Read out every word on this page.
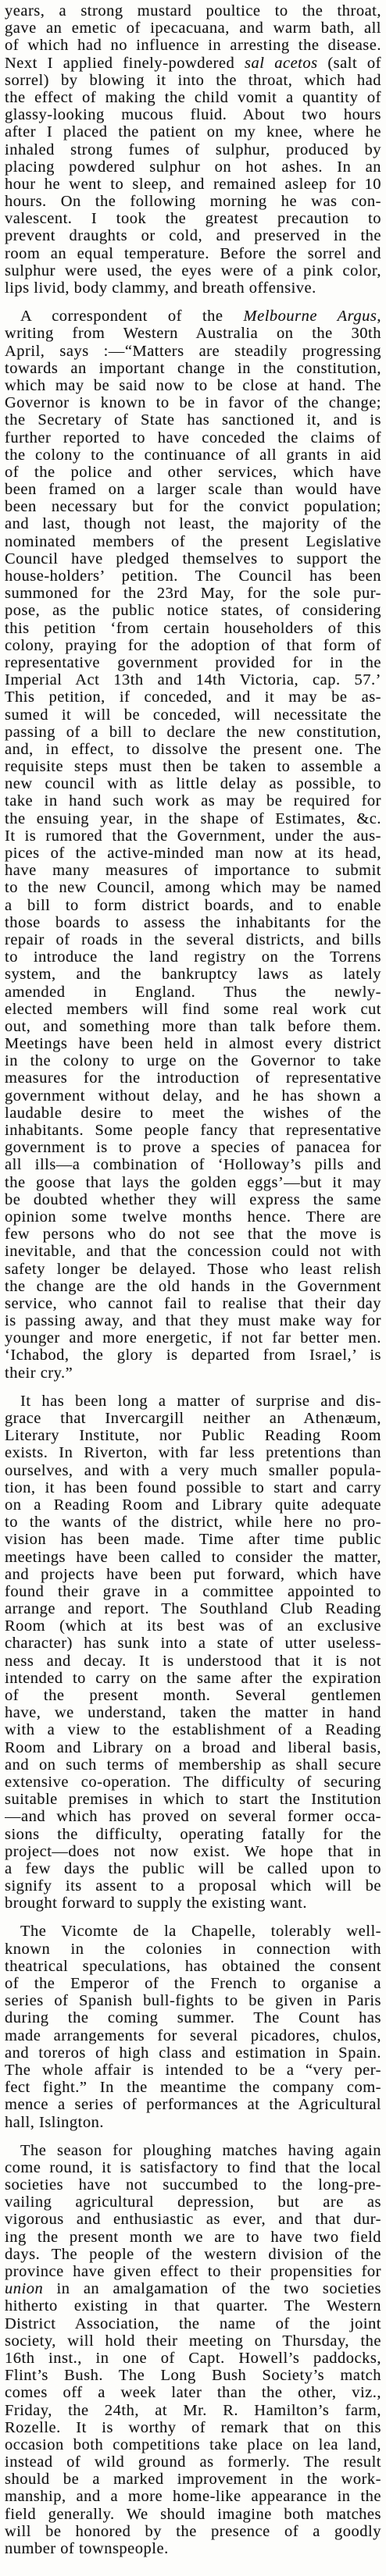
years, a strong mustard poultice to the throat,
gave an emetic of ipecacuana, and warm bath, all
of which had no influence in arresting the disease.
Next I applied finely-powdered sal acetos (salt of
sorrel) by blowing it into the throat, which had
the effect of making the child vomit a quantity of
glassy-looking mucous fluid. About two hours
after I placed the patient on my knee, where he
inhaled strong fumes of sulphur, produced by
placing powdered sulphur on hot ashes. In an
hour he went to sleep, and remained asleep for 10
hours. On the following morning he was con-
valescent. I took the greatest precaution to
prevent draughts or cold, and preserved in the
room an equal temperature. Before the sorrel and
sulphur were used, the eyes were of a pink color,
lips livid, body clammy, and breath offensive.
A correspondent of the Melbourne Argus,
writing from Western Australia on the 30th
April, says :—“Matters are steadily progressing
towards an important change in the constitution,
which may be said now to be close at hand. The
Governor is known to be in favor of the change;
the Secretary of State has sanctioned it, and is
further reported to have conceded the claims of
the colony to the continuance of all grants in aid
of the police and other services, which have
been framed on a larger scale than would have
been necessary but for the convict population;
and last, though not least, the majority of the
nominated members of the present Legislative
Council have pledged themselves to support the
house-holders’ petition. The Council has been
summoned for the 23rd May, for the sole pur-
pose, as the public notice states, of considering
this petition ‘from certain householders of this
colony, praying for the adoption of that form of
representative government provided for in the
Imperial Act 13th and 14th Victoria, cap. 57.’
This petition, if conceded, and it may be as-
sumed it will be conceded, will necessitate the
passing of a bill to declare the new constitution,
and, in effect, to dissolve the present one. The
requisite steps must then be taken to assemble a
new council with as little delay as possible, to
take in hand such work as may be required for
the ensuing year, in the shape of Estimates, &c.
It is rumored that the Government, under the aus-
pices of the active-minded man now at its head,
have many measures of importance to submit
to the new Council, among which may be named
a bill to form district boards, and to enable
those boards to assess the inhabitants for the
repair of roads in the several districts, and bills
to introduce the land registry on the Torrens
system, and the bankruptcy laws as lately
amended in England. Thus the newly-
elected members will find some real work cut
out, and something more than talk before them.
Meetings have been held in almost every district
in the colony to urge on the Governor to take
measures for the introduction of representative
government without delay, and he has shown a
laudable desire to meet the wishes of the
inhabitants. Some people fancy that representative
government is to prove a species of panacea for
all ills—a combination of ‘Holloway’s pills and
the goose that lays the golden eggs’—but it may
be doubted whether they will express the same
opinion some twelve months hence. There are
few persons who do not see that the move is
inevitable, and that the concession could not with
safety longer be delayed. Those who least relish
the change are the old hands in the Government
service, who cannot fail to realise that their day
is passing away, and that they must make way for
younger and more energetic, if not far better men.
‘Ichabod, the glory is departed from Israel,’ is
their cry.”
It has been long a matter of surprise and dis-
grace that Invercargill neither an Athenæum,
Literary Institute, nor Public Reading Room
exists. In Riverton, with far less pretentions than
ourselves, and with a very much smaller popula-
tion, it has been found possible to start and carry
on a Reading Room and Library quite adequate
to the wants of the district, while here no pro-
vision has been made. Time after time public
meetings have been called to consider the matter,
and projects have been put forward, which have
found their grave in a committee appointed to
arrange and report. The Southland Club Reading
Room (which at its best was of an exclusive
character) has sunk into a state of utter useless-
ness and decay. It is understood that it is not
intended to carry on the same after the expiration
of the present month. Several gentlemen
have, we understand, taken the matter in hand
with a view to the establishment of a Reading
Room and Library on a broad and liberal basis,
and on such terms of membership as shall secure
extensive co-operation. The difficulty of securing
suitable premises in which to start the Institution
—and which has proved on several former occa-
sions the difficulty, operating fatally for the
project—does not now exist. We hope that in
a few days the public will be called upon to
signify its assent to a proposal which will be
brought forward to supply the existing want.
The Vicomte de la Chapelle, tolerably well-
known in the colonies in connection with
theatrical speculations, has obtained the consent
of the Emperor of the French to organise a
series of Spanish bull-fights to be given in Paris
during the coming summer. The Count has
made arrangements for several picadores, chulos,
and toreros of high class and estimation in Spain.
The whole affair is intended to be a “very per-
fect fight.” In the meantime the company com-
mence a series of performances at the Agricultural
hall, Islington.
The season for ploughing matches having again
come round, it is satisfactory to find that the local
societies have not succumbed to the long-pre-
vailing agricultural depression, but are as
vigorous and enthusiastic as ever, and that dur-
ing the present month we are to have two field
days. The people of the western division of the
province have given effect to their propensities for
union in an amalgamation of the two societies
hitherto existing in that quarter. The Western
District Association, the name of the joint
society, will hold their meeting on Thursday, the
16th inst., in one of Capt. Howell’s paddocks,
Flint’s Bush. The Long Bush Society’s match
comes off a week later than the other, viz.,
Friday, the 24th, at Mr. R. Hamilton’s farm,
Rozelle. It is worthy of remark that on this
occasion both competitions take place on lea land,
instead of wild ground as formerly. The result
should be a marked improvement in the work-
manship, and a more home-like appearance in the
field generally. We should imagine both matches
will be honored by the presence of a goodly
number of townspeople.
